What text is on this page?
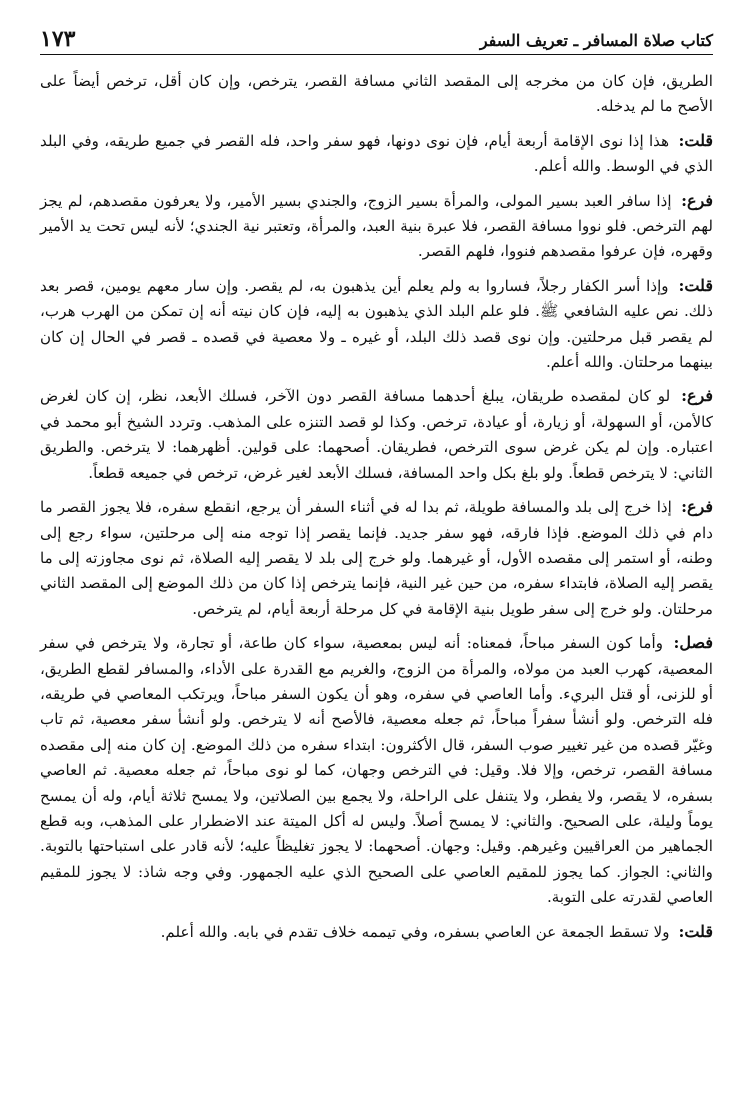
كتاب صلاة المسافر ـ تعريف السفر
١٧٣

الطريق، فإن كان من مخرجه إلى المقصد الثاني مسافة القصر، يترخص، وإن كان أقل، ترخص أيضاً على الأصح ما لم يدخله.

قلت: هذا إذا نوى الإقامة أربعة أيام، فإن نوى دونها، فهو سفر واحد، فله القصر في جميع طريقه، وفي البلد الذي في الوسط. والله أعلم.

فرع: إذا سافر العبد بسير المولى، والمرأة بسير الزوج، والجندي بسير الأمير، ولا يعرفون مقصدهم، لم يجز لهم الترخص. فلو نووا مسافة القصر، فلا عبرة بنية العبد، والمرأة، وتعتبر نية الجندي؛ لأنه ليس تحت يد الأمير وقهره، فإن عرفوا مقصدهم فنووا، فلهم القصر.

قلت: وإذا أسر الكفار رجلاً، فساروا به ولم يعلم أين يذهبون به، لم يقصر. وإن سار معهم يومين، قصر بعد ذلك. نص عليه الشافعي ﷺ. فلو علم البلد الذي يذهبون به إليه، فإن كان نيته أنه إن تمكن من الهرب هرب، لم يقصر قبل مرحلتين. وإن نوى قصد ذلك البلد، أو غيره ـ ولا معصية في قصده ـ قصر في الحال إن كان بينهما مرحلتان. والله أعلم.

فرع: لو كان لمقصده طريقان، يبلغ أحدهما مسافة القصر دون الآخر، فسلك الأبعد، نظر، إن كان لغرض كالأمن، أو السهولة، أو زيارة، أو عيادة، ترخص. وكذا لو قصد التنزه على المذهب. وتردد الشيخ أبو محمد في اعتباره. وإن لم يكن غرض سوى الترخص، فطريقان. أصحهما: على قولين. أظهرهما: لا يترخص. والطريق الثاني: لا يترخص قطعاً. ولو بلغ بكل واحد المسافة، فسلك الأبعد لغير غرض، ترخص في جميعه قطعاً.

فرع: إذا خرج إلى بلد والمسافة طويلة، ثم بدا له في أثناء السفر أن يرجع، انقطع سفره، فلا يجوز القصر ما دام في ذلك الموضع. فإذا فارقه، فهو سفر جديد. فإنما يقصر إذا توجه منه إلى مرحلتين، سواء رجع إلى وطنه، أو استمر إلى مقصده الأول، أو غيرهما. ولو خرج إلى بلد لا يقصر إليه الصلاة، ثم نوى مجاوزته إلى ما يقصر إليه الصلاة، فابتداء سفره، من حين غير النية، فإنما يترخص إذا كان من ذلك الموضع إلى المقصد الثاني مرحلتان. ولو خرج إلى سفر طويل بنية الإقامة في كل مرحلة أربعة أيام، لم يترخص.

فصل: وأما كون السفر مباحاً، فمعناه: أنه ليس بمعصية، سواء كان طاعة، أو تجارة، ولا يترخص في سفر المعصية، كهرب العبد من مولاه، والمرأة من الزوج، والغريم مع القدرة على الأداء، والمسافر لقطع الطريق، أو للزنى، أو قتل البريء. وأما العاصي في سفره، وهو أن يكون السفر مباحاً، ويرتكب المعاصي في طريقه، فله الترخص. ولو أنشأ سفراً مباحاً، ثم جعله معصية، فالأصح أنه لا يترخص. ولو أنشأ سفر معصية، ثم تاب وغيّر قصده من غير تغيير صوب السفر، قال الأكثرون: ابتداء سفره من ذلك الموضع. إن كان منه إلى مقصده مسافة القصر، ترخص، وإلا فلا. وقيل: في الترخص وجهان، كما لو نوى مباحاً، ثم جعله معصية. ثم العاصي بسفره، لا يقصر، ولا يفطر، ولا يتنفل على الراحلة، ولا يجمع بين الصلاتين، ولا يمسح ثلاثة أيام، وله أن يمسح يوماً وليلة، على الصحيح. والثاني: لا يمسح أصلاً. وليس له أكل الميتة عند الاضطرار على المذهب، وبه قطع الجماهير من العراقيين وغيرهم. وقيل: وجهان. أصحهما: لا يجوز تغليظاً عليه؛ لأنه قادر على استباحتها بالتوبة. والثاني: الجواز. كما يجوز للمقيم العاصي على الصحيح الذي عليه الجمهور. وفي وجه شاذ: لا يجوز للمقيم العاصي لقدرته على التوبة.

قلت: ولا تسقط الجمعة عن العاصي بسفره، وفي تيممه خلاف تقدم في بابه. والله أعلم.
